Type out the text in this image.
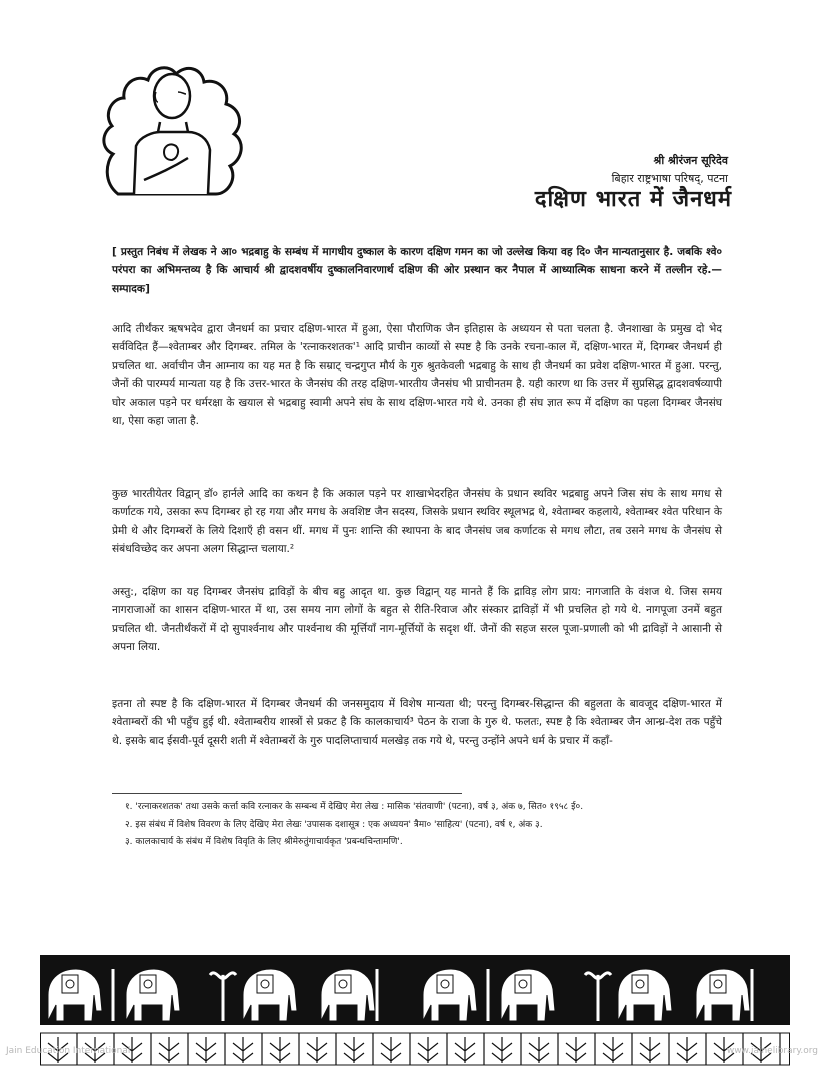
श्री श्रीरंजन सूरिदेव
बिहार राष्ट्रभाषा परिषद्, पटना
दक्षिण भारत में जैनधर्म
[ प्रस्तुत निबंध में लेखक ने आ० भद्रबाहु के सम्बंध में मागधीय दुष्काल के कारण दक्षिण गमन का जो उल्लेख किया वह दि० जैन मान्यतानुसार है. जबकि श्वे० परंपरा का अभिमन्तव्य है कि आचार्य श्री द्वादशवर्षीय दुष्कालनिवारणार्थ दक्षिण की ओर प्रस्थान कर नैपाल में आध्यात्मिक साधना करने में तल्लीन रहे.—सम्पादक]
आदि तीर्थंकर ऋषभदेव द्वारा जैनधर्म का प्रचार दक्षिण-भारत में हुआ, ऐसा पौराणिक जैन इतिहास के अध्ययन से पता चलता है. जैनशाखा के प्रमुख दो भेद सर्वविदित हैं—श्वेताम्बर और दिगम्बर. तमिल के 'रत्नाकरशतक'¹ आदि प्राचीन काव्यों से स्पष्ट है कि उनके रचना-काल में, दक्षिण-भारत में, दिगम्बर जैनधर्म ही प्रचलित था. अर्वाचीन जैन आम्नाय का यह मत है कि सम्राट् चन्द्रगुप्त मौर्य के गुरु श्रुतकेवली भद्रबाहु के साथ ही जैनधर्म का प्रवेश दक्षिण-भारत में हुआ. परन्तु, जैनों की पारम्पर्य मान्यता यह है कि उत्तर-भारत के जैनसंघ की तरह दक्षिण-भारतीय जैनसंघ भी प्राचीनतम है. यही कारण था कि उत्तर में सुप्रसिद्ध द्वादशवर्षव्यापी घोर अकाल पड़ने पर धर्मरक्षा के खयाल से भद्रबाहु स्वामी अपने संघ के साथ दक्षिण-भारत गये थे. उनका ही संघ ज्ञात रूप में दक्षिण का पहला दिगम्बर जैनसंघ था, ऐसा कहा जाता है.
कुछ भारतीयेतर विद्वान् डॉ० हार्नले आदि का कथन है कि अकाल पड़ने पर शाखाभेदरहित जैनसंघ के प्रधान स्थविर भद्रबाहु अपने जिस संघ के साथ मगध से कर्णाटक गये, उसका रूप दिगम्बर हो रह गया और मगध के अवशिष्ट जैन सदस्य, जिसके प्रधान स्थविर स्थूलभद्र थे, श्वेताम्बर कहलाये, श्वेताम्बर श्वेत परिधान के प्रेमी थे और दिगम्बरों के लिये दिशाएँ ही वसन थीं. मगध में पुनः शान्ति की स्थापना के बाद जैनसंघ जब कर्णाटक से मगध लौटा, तब उसने मगध के जैनसंघ से संबंधविच्छेद कर अपना अलग सिद्धान्त चलाया.²
अस्तु:, दक्षिण का यह दिगम्बर जैनसंघ द्राविड़ों के बीच बहु आदृत था. कुछ विद्वान् यह मानते हैं कि द्राविड़ लोग प्राय: नागजाति के वंशज थे. जिस समय नागराजाओं का शासन दक्षिण-भारत में था, उस समय नाग लोगों के बहुत से रीति-रिवाज और संस्कार द्राविड़ों में भी प्रचलित हो गये थे. नागपूजा उनमें बहुत प्रचलित थी. जैनतीर्थंकरों में दो सुपार्श्वनाथ और पार्श्वनाथ की मूर्त्तियाँ नाग-मूर्त्तियों के सदृश थीं. जैनों की सहज सरल पूजा-प्रणाली को भी द्राविड़ों ने आसानी से अपना लिया.
इतना तो स्पष्ट है कि दक्षिण-भारत में दिगम्बर जैनधर्म की जनसमुदाय में विशेष मान्यता थी; परन्तु दिगम्बर-सिद्धान्त की बहुलता के बावजूद दक्षिण-भारत में श्वेताम्बरों की भी पहुँच हुई थी. श्वेताम्बरीय शास्त्रों से प्रकट है कि कालकाचार्य³ पेठन के राजा के गुरु थे. फलतः, स्पष्ट है कि श्वेताम्बर जैन आन्ध्र-देश तक पहुँचे थे. इसके बाद ईसवी-पूर्व दूसरी शती में श्वेताम्बरों के गुरु पादलिप्ताचार्य मलखेड़ तक गये थे, परन्तु उन्होंने अपने धर्म के प्रचार में कहाँ-
१. 'रत्नाकरशतक' तथा उसके कर्त्ता कवि रत्नाकर के सम्बन्ध में देखिए मेरा लेख : मासिक 'संतवाणी' (पटना), वर्ष ३, अंक ७, सित० १९५८ ई०.
२. इस संबंध में विशेष विवरण के लिए देखिए मेरा लेखः 'उपासक दशासूत्र : एक अध्ययन' त्रैमा० 'साहित्य' (पटना), वर्ष १, अंक ३.
३. कालकाचार्य के संबंध में विशेष विवृति के लिए श्रीमेरुतुंगाचार्यकृत 'प्रबन्धचिन्तामणि'.
Jain Education International	www.jainelibrary.org
